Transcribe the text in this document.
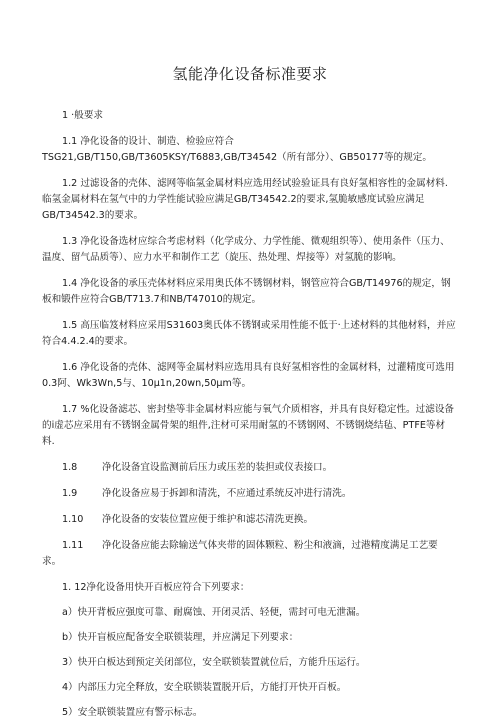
氢能净化设备标准要求

1 ·般要求

1.1 净化设备的设计、制造、检验应符合TSG21,GB/T150,GB/T3605KSY/T6883,GB/T34542（所有部分）、GB50177等的规定。

1.2 过滤设备的壳体、滤网等临氢金属材料应选用经试验验证具有良好氢相容性的金属材料.临氢金属材料在氢气中的力学性能试验应满足GB/T34542.2的要求,氢脆敏感度试验应满足GB/T34542.3的要求。

1.3 净化设备选材应综合考虑材料（化学成分、力学性能、微观组织等）、使用条件（压力、温度、留气品质等）、应力水平和制作工艺（旋压、热处理、焊接等）对氢脆的影响。

1.4 净化设备的承压壳体材料应采用奥氏体不锈钢材料，钢管应符合GB/T14976的规定，钢板和锻件应符合GB/T713.7和NB/T47010的规定。

1.5 高压临笈材料应采用S31603奥氏体不锈钢或采用性能不低于·上述材料的其他材料，并应符合4.4.2.4的要求。

1.6 净化设备的壳体、滤网等金属材料应选用具有良好氢相容性的金属材料，过灌精度可选用0.3阿、Wk3Wn,5与、10μ1n,20wn,50μm等。

1.7 %化设备滤芯、密封垫等非金属材料应能与氧气介质相容，并具有良好稳定性。过滤设备的i虚芯应采用有不锈钢金属骨架的组件,注材可采用耐氢的不锈钢网、不锈钢烧结毡、PTFE等材料.

1.8	净化设备宜设监测前后压力或压差的装担或仪表接口。

1.9	净化设备应易于拆卸和清洗，不应通过系统反冲进行清洗。

1.10 净化设备的安装位置应便于维护和滤芯清洗更换。

1.11 净化设备应能去除输送气体夹带的固体颗粒、粉尘和液滴，过港精度满足工艺要求。

1. 12净化设备用快开百板应符合下列要求：

a）快开背板应强度可靠、耐腐蚀、开闭灵活、轻便，需封可电无泄漏。

b）快开盲板应配备安全联锁装理，并应满足下列要求：

3）快开白板达到预定关闭部位，安全联锁装置就位后，方能升压运行。

4）内部压力完全释放，安全联锁装置脱开后，方能打开快开百板。

5）安全联锁装置应有警示标志。
